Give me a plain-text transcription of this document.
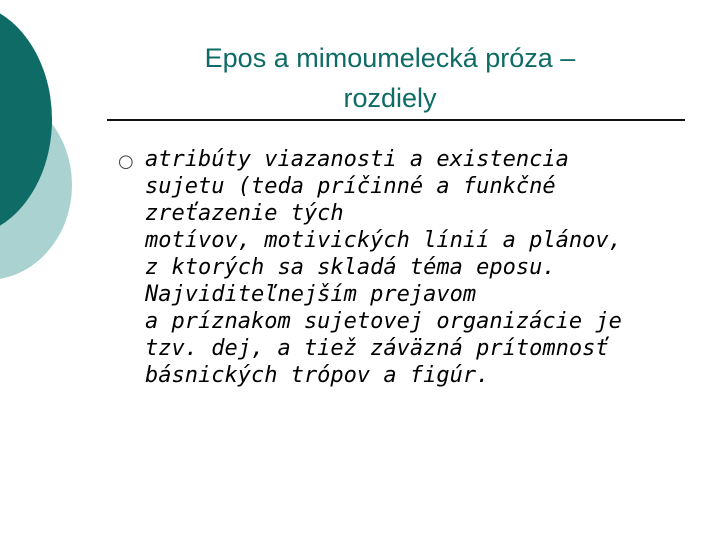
Epos a mimoumelecká próza –
rozdiely
○ atribúty viazanosti a existencia
sujetu (teda príčinné a funkčné
zreťazenie tých
motívov, motivických línií a plánov,
z ktorých sa skladá téma eposu.
Najviditeľnejším prejavom
a príznakom sujetovej organizácie je
tzv. dej, a tiež záväzná prítomnosť
básnických trópov a figúr.
